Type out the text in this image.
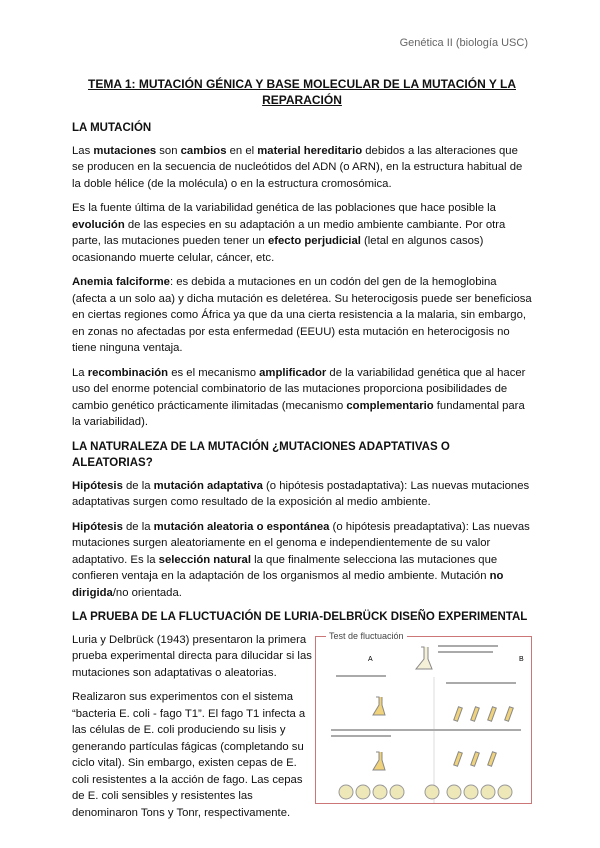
Genética II (biología USC)
TEMA 1: MUTACIÓN GÉNICA Y BASE MOLECULAR DE LA MUTACIÓN Y LA REPARACIÓN
LA MUTACIÓN

Las mutaciones son cambios en el material hereditario debidos a las alteraciones que se producen en la secuencia de nucleótidos del ADN (o ARN), en la estructura habitual de la doble hélice (de la molécula) o en la estructura cromosómica.

Es la fuente última de la variabilidad genética de las poblaciones que hace posible la evolución de las especies en su adaptación a un medio ambiente cambiante. Por otra parte, las mutaciones pueden tener un efecto perjudicial (letal en algunos casos) ocasionando muerte celular, cáncer, etc.

Anemia falciforme: es debida a mutaciones en un codón del gen de la hemoglobina (afecta a un solo aa) y dicha mutación es deletérea. Su heterocigosis puede ser beneficiosa en ciertas regiones como África ya que da una cierta resistencia a la malaria, sin embargo, en zonas no afectadas por esta enfermedad (EEUU) esta mutación en heterocigosis no tiene ninguna ventaja.

La recombinación es el mecanismo amplificador de la variabilidad genética que al hacer uso del enorme potencial combinatorio de las mutaciones proporciona posibilidades de cambio genético prácticamente ilimitadas (mecanismo complementario fundamental para la variabilidad).

LA NATURALEZA DE LA MUTACIÓN ¿MUTACIONES ADAPTATIVAS O ALEATORIAS?

Hipótesis de la mutación adaptativa (o hipótesis postadaptativa): Las nuevas mutaciones adaptativas surgen como resultado de la exposición al medio ambiente.

Hipótesis de la mutación aleatoria o espontánea (o hipótesis preadaptativa): Las nuevas mutaciones surgen aleatoriamente en el genoma e independientemente de su valor adaptativo. Es la selección natural la que finalmente selecciona las mutaciones que confieren ventaja en la adaptación de los organismos al medio ambiente. Mutación no dirigida/no orientada.

LA PRUEBA DE LA FLUCTUACIÓN DE LURIA-DELBRÜCK DISEÑO EXPERIMENTAL

Luria y Delbrück (1943) presentaron la primera prueba experimental directa para dilucidar si las mutaciones son adaptativas o aleatorias.

Realizaron sus experimentos con el sistema “bacteria E. coli - fago T1”. El fago T1 infecta a las células de E. coli produciendo su lisis y generando partículas fágicas (completando su ciclo vital). Sin embargo, existen cepas de E. coli resistentes a la acción de fago. Las cepas de E. coli sensibles y resistentes las denominaron Tons y Tonr, respectivamente.

Test de fluctuación
A	B
